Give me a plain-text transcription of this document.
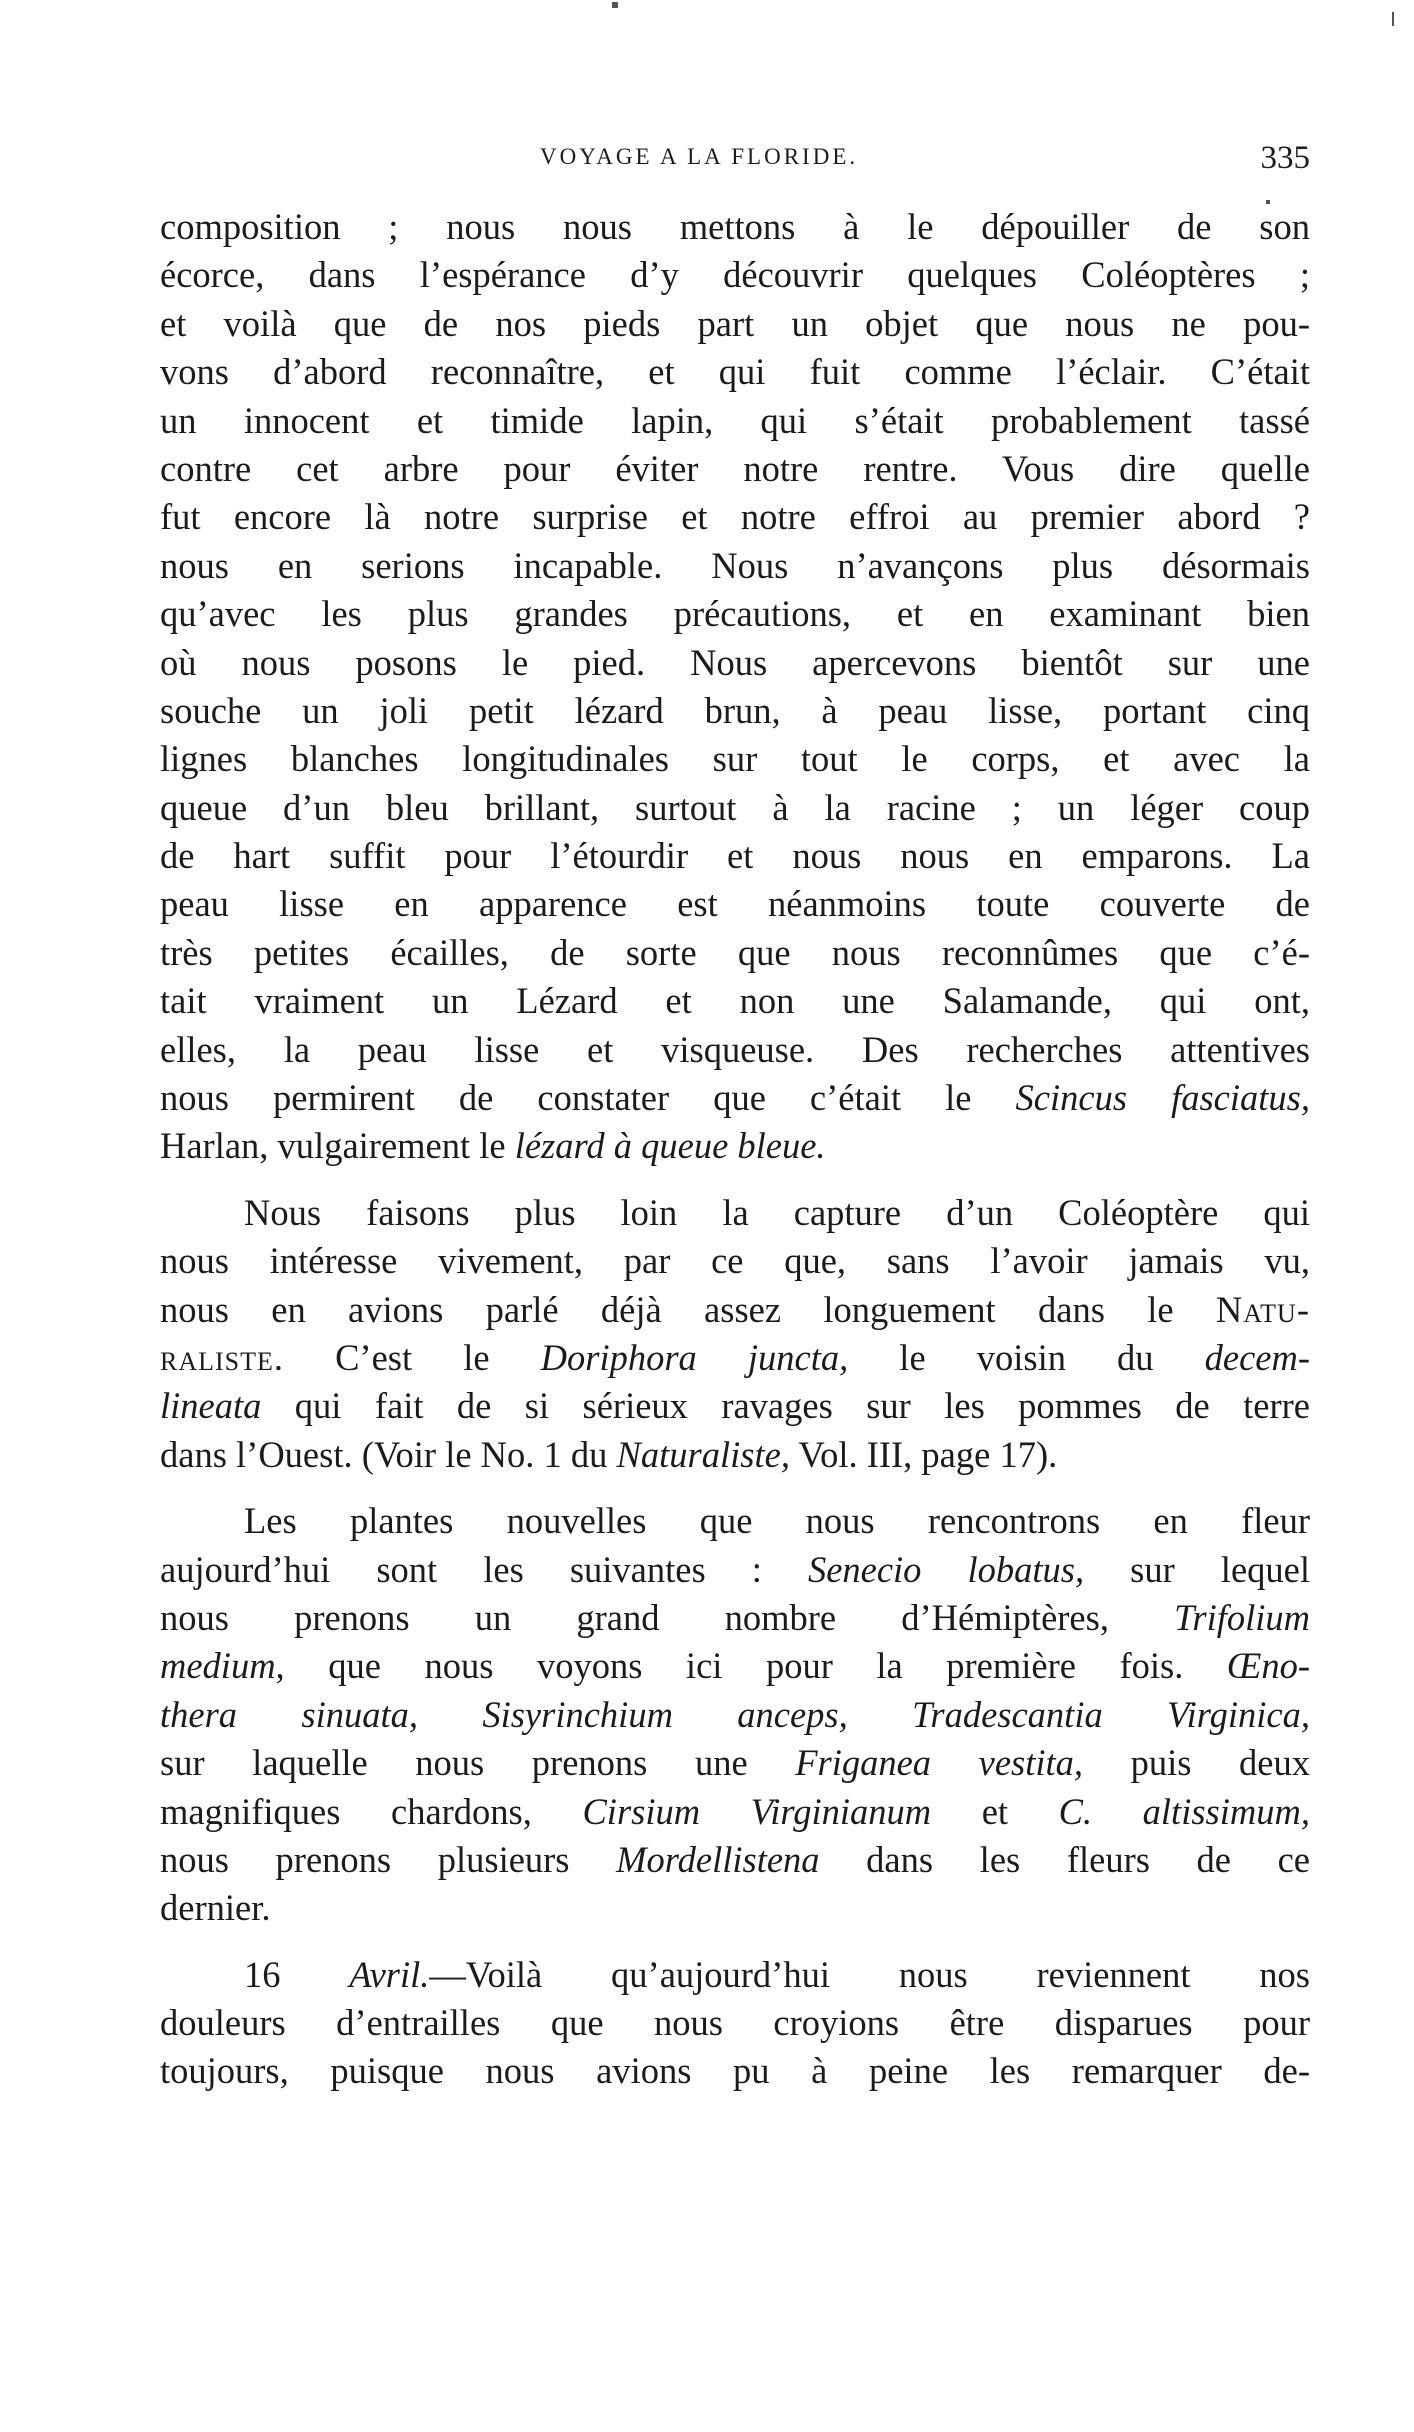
VOYAGE A LA FLORIDE.	335
composition ; nous nous mettons à le dépouiller de son
écorce, dans l’espérance d’y découvrir quelques Coléoptères ;
et voilà que de nos pieds part un objet que nous ne pou-
vons d’abord reconnaître, et qui fuit comme l’éclair. C’était
un innocent et timide lapin, qui s’était probablement tassé
contre cet arbre pour éviter notre rentre. Vous dire quelle
fut encore là notre surprise et notre effroi au premier abord ?
nous en serions incapable. Nous n’avançons plus désormais
qu’avec les plus grandes précautions, et en examinant bien
où nous posons le pied. Nous apercevons bientôt sur une
souche un joli petit lézard brun, à peau lisse, portant cinq
lignes blanches longitudinales sur tout le corps, et avec la
queue d’un bleu brillant, surtout à la racine ; un léger coup
de hart suffit pour l’étourdir et nous nous en emparons. La
peau lisse en apparence est néanmoins toute couverte de
très petites écailles, de sorte que nous reconnûmes que c’é-
tait vraiment un Lézard et non une Salamande, qui ont,
elles, la peau lisse et visqueuse. Des recherches attentives
nous permirent de constater que c’était le Scincus fasciatus,
Harlan, vulgairement le lézard à queue bleue.
Nous faisons plus loin la capture d’un Coléoptère qui
nous intéresse vivement, par ce que, sans l’avoir jamais vu,
nous en avions parlé déjà assez longuement dans le Natu-
raliste. C’est le Doriphora juncta, le voisin du decem-
lineata qui fait de si sérieux ravages sur les pommes de terre
dans l’Ouest. (Voir le No. 1 du Naturaliste, Vol. III, page 17).
Les plantes nouvelles que nous rencontrons en fleur
aujourd’hui sont les suivantes : Senecio lobatus, sur lequel
nous prenons un grand nombre d’Hémiptères, Trifolium
medium, que nous voyons ici pour la première fois. Œno-
thera sinuata, Sisyrinchium anceps, Tradescantia Virginica,
sur laquelle nous prenons une Friganea vestita, puis deux
magnifiques chardons, Cirsium Virginianum et C. altissimum,
nous prenons plusieurs Mordellistena dans les fleurs de ce
dernier.
16 Avril.—Voilà qu’aujourd’hui nous reviennent nos
douleurs d’entrailles que nous croyions être disparues pour
toujours, puisque nous avions pu à peine les remarquer de-
